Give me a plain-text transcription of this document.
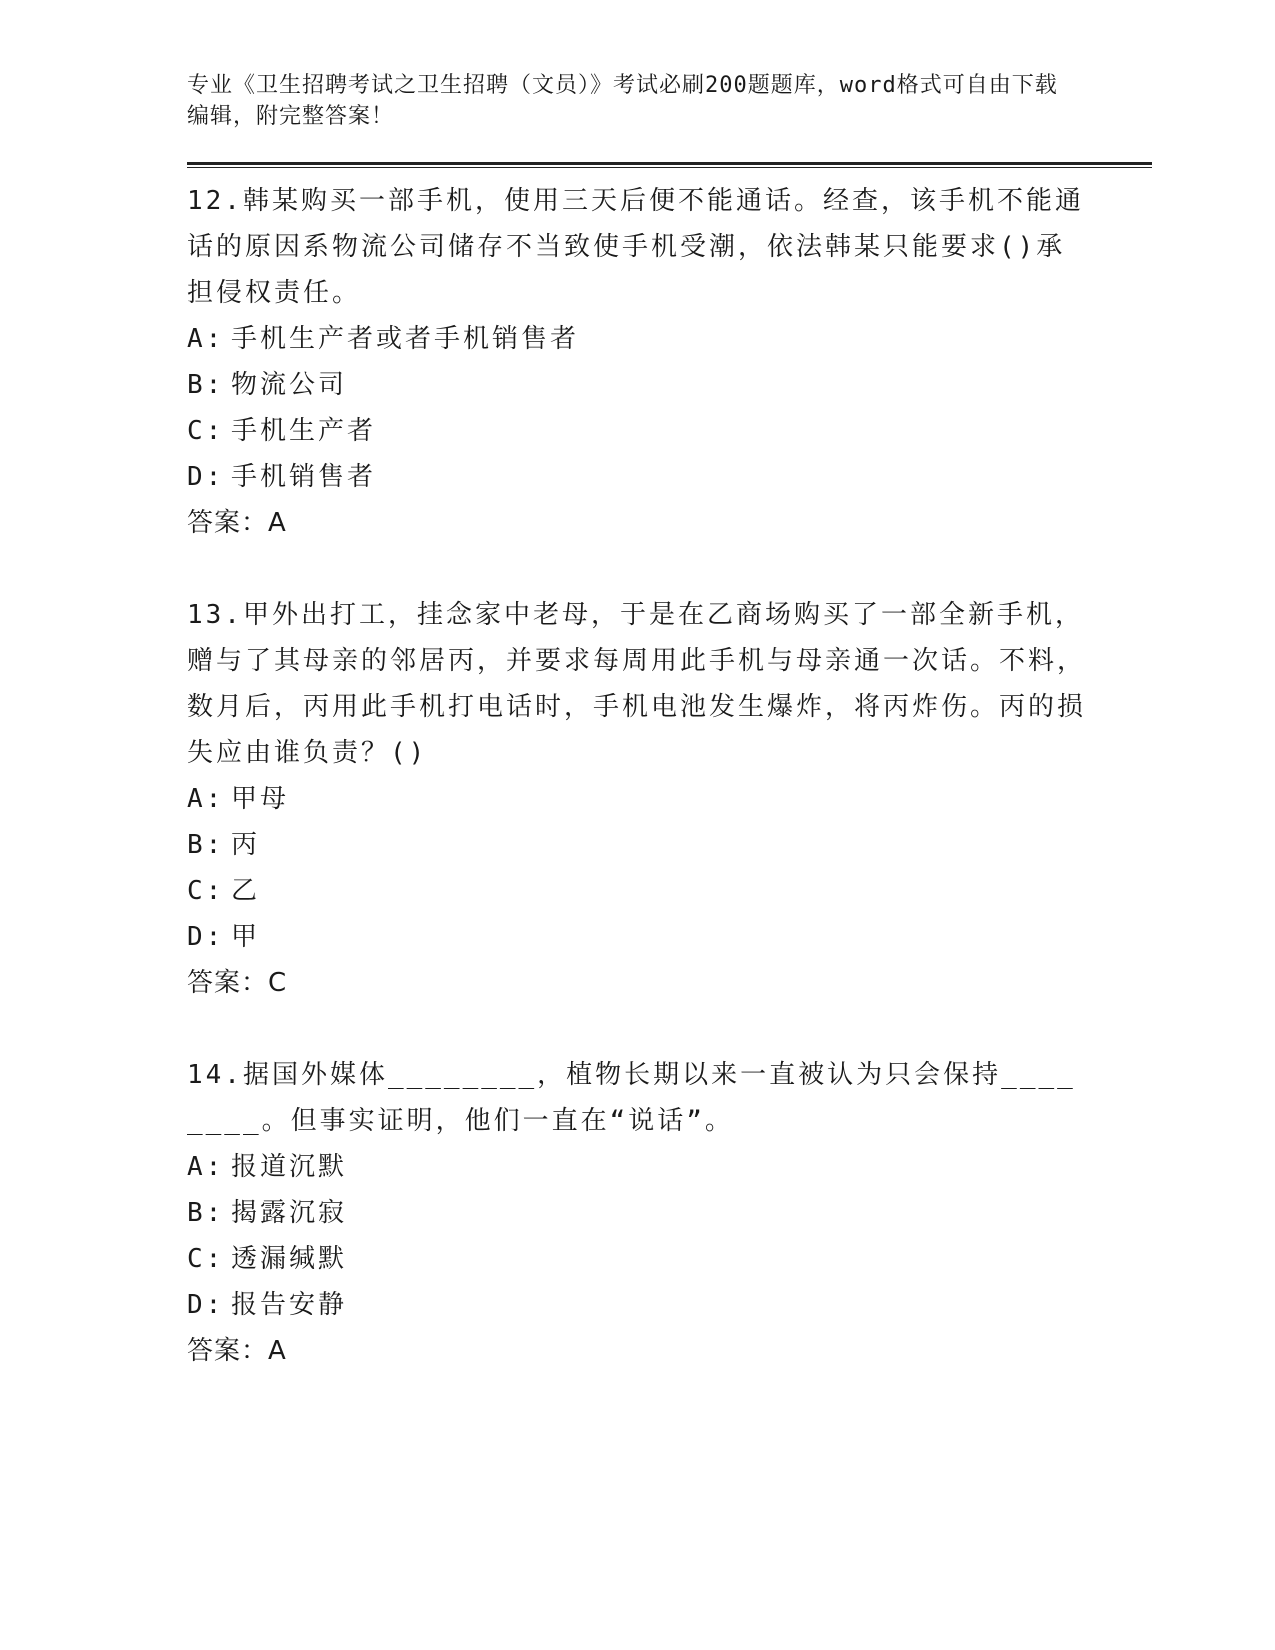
专业《卫生招聘考试之卫生招聘（文员）》考试必刷200题题库，word格式可自由下载编辑，附完整答案！
12.韩某购买一部手机，使用三天后便不能通话。经查，该手机不能通话的原因系物流公司储存不当致使手机受潮，依法韩某只能要求()承担侵权责任。
A: 手机生产者或者手机销售者
B: 物流公司
C: 手机生产者
D: 手机销售者
答案：A
13.甲外出打工，挂念家中老母，于是在乙商场购买了一部全新手机，赠与了其母亲的邻居丙，并要求每周用此手机与母亲通一次话。不料，数月后，丙用此手机打电话时，手机电池发生爆炸，将丙炸伤。丙的损失应由谁负责？()
A: 甲母
B: 丙
C: 乙
D: 甲
答案：C
14.据国外媒体________，植物长期以来一直被认为只会保持________。但事实证明，他们一直在“说话”。
A: 报道沉默
B: 揭露沉寂
C: 透漏缄默
D: 报告安静
答案：A
